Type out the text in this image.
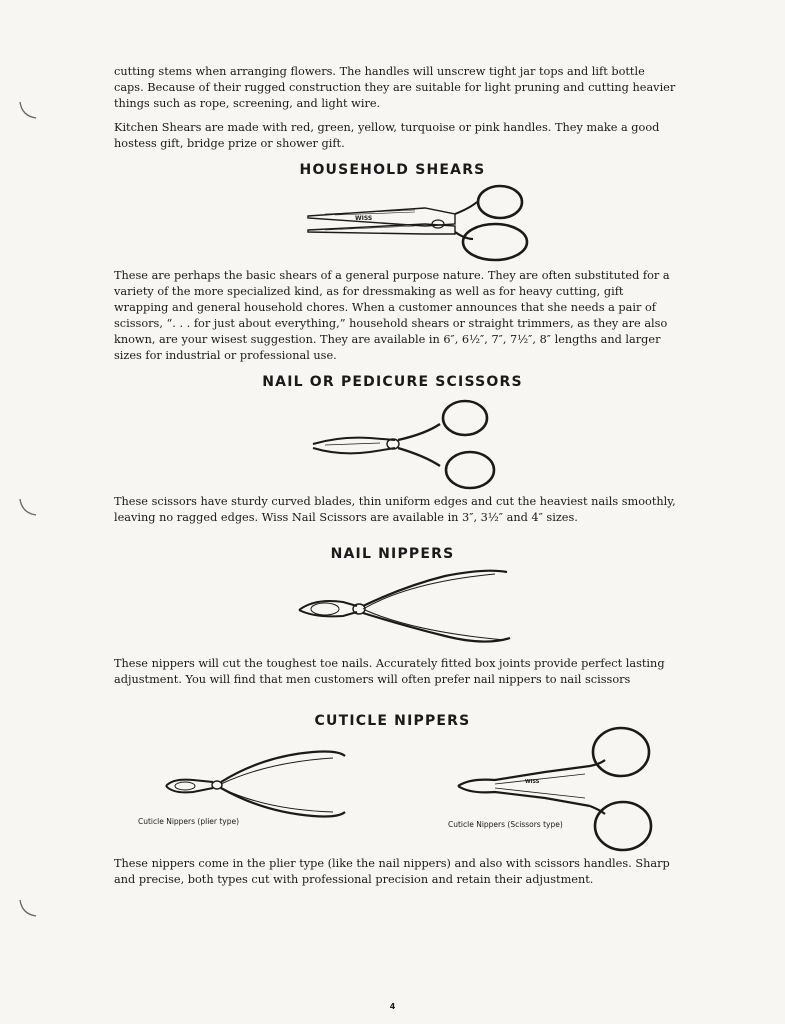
cutting stems when arranging flowers. The handles will unscrew tight jar tops and lift bottle caps. Because of their rugged construction they are suitable for light pruning and cutting heavier things such as rope, screening, and light wire.

Kitchen Shears are made with red, green, yellow, turquoise or pink handles. They make a good hostess gift, bridge prize or shower gift.

HOUSEHOLD SHEARS
WISS

These are perhaps the basic shears of a general purpose nature. They are often substituted for a variety of the more specialized kind, as for dressmaking as well as for heavy cutting, gift wrapping and general household chores. When a customer announces that she needs a pair of scissors, “. . . for just about everything,” household shears or straight trimmers, as they are also known, are your wisest suggestion. They are available in 6″, 6½″, 7″, 7½″, 8″ lengths and larger sizes for industrial or professional use.

NAIL OR PEDICURE SCISSORS

These scissors have sturdy curved blades, thin uniform edges and cut the heaviest nails smoothly, leaving no ragged edges. Wiss Nail Scissors are available in 3″, 3½″ and 4″ sizes.

NAIL NIPPERS

These nippers will cut the toughest toe nails. Accurately fitted box joints provide perfect lasting adjustment. You will find that men customers will often prefer nail nippers to nail scissors

CUTICLE NIPPERS

Cuticle Nippers (plier type)

WISS

Cuticle Nippers (Scissors type)

These nippers come in the plier type (like the nail nippers) and also with scissors handles. Sharp and precise, both types cut with professional precision and retain their adjustment.

4
